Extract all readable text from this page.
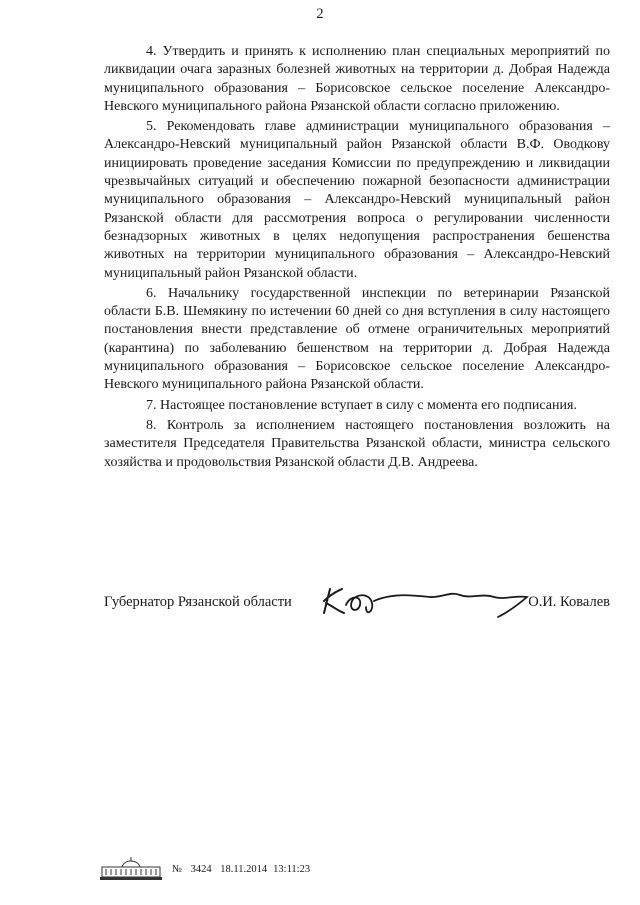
2

4. Утвердить и принять к исполнению план специальных мероприятий по ликвидации очага заразных болезней животных на территории д. Добрая Надежда муниципального образования – Борисовское сельское поселение Александро-Невского муниципального района Рязанской области согласно приложению.

5. Рекомендовать главе администрации муниципального образования – Александро-Невский муниципальный район Рязанской области В.Ф. Оводкову инициировать проведение заседания Комиссии по предупреждению и ликвидации чрезвычайных ситуаций и обеспечению пожарной безопасности администрации муниципального образования – Александро-Невский муниципальный район Рязанской области для рассмотрения вопроса о регулировании численности безнадзорных животных в целях недопущения распространения бешенства животных на территории муниципального образования – Александро-Невский муниципальный район Рязанской области.

6. Начальнику государственной инспекции по ветеринарии Рязанской области Б.В. Шемякину по истечении 60 дней со дня вступления в силу настоящего постановления внести представление об отмене ограничительных мероприятий (карантина) по заболеванию бешенством на территории д. Добрая Надежда муниципального образования – Борисовское сельское поселение Александро-Невского муниципального района Рязанской области.

7. Настоящее постановление вступает в силу с момента его подписания.

8. Контроль за исполнением настоящего постановления возложить на заместителя Председателя Правительства Рязанской области, министра сельского хозяйства и продовольствия Рязанской области Д.В. Андреева.

Губернатор Рязанской области	О.И. Ковалев
№ 3424 18.11.2014 13:11:23
